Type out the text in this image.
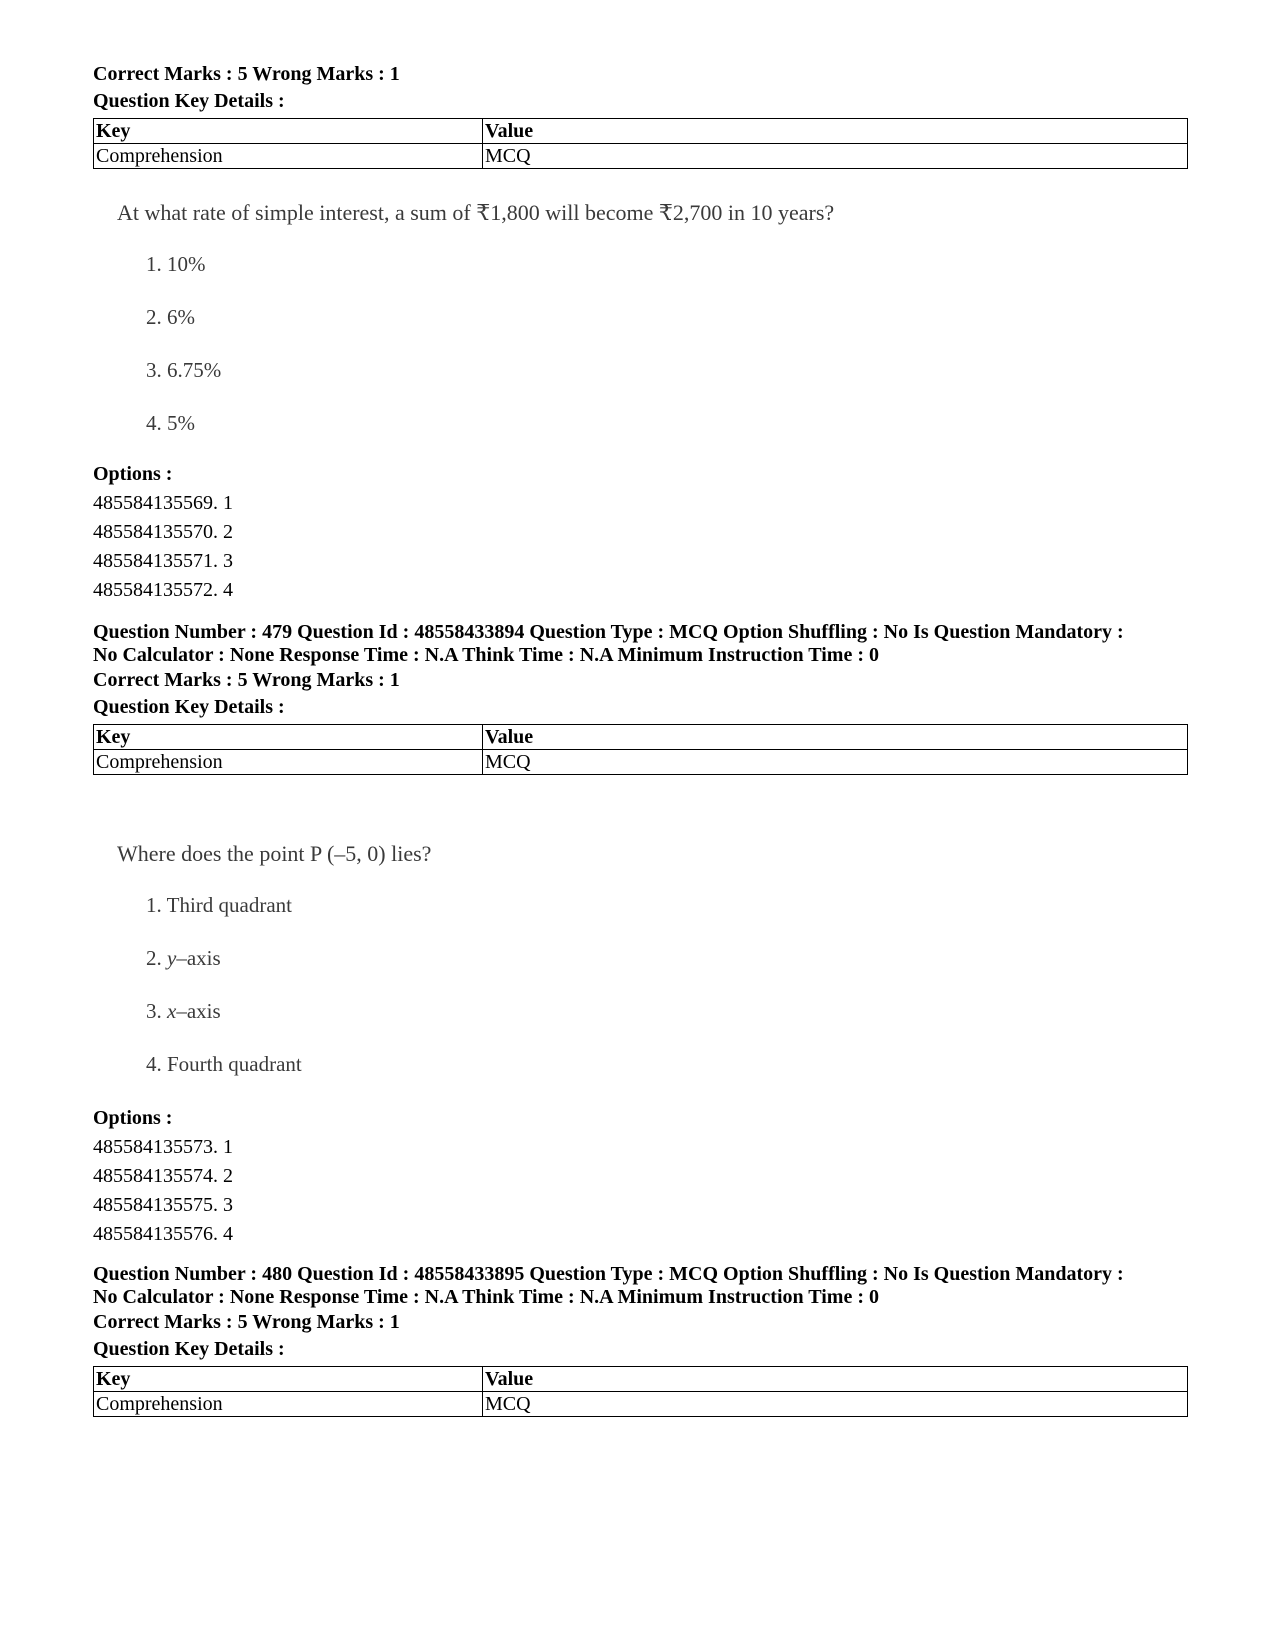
Correct Marks : 5 Wrong Marks : 1
Question Key Details :
Key	Value
Comprehension	MCQ
At what rate of simple interest, a sum of ₹1,800 will become ₹2,700 in 10 years?
1. 10%
2. 6%
3. 6.75%
4. 5%
Options :
485584135569. 1
485584135570. 2
485584135571. 3
485584135572. 4
Question Number : 479 Question Id : 48558433894 Question Type : MCQ Option Shuffling : No Is Question Mandatory :
No Calculator : None Response Time : N.A Think Time : N.A Minimum Instruction Time : 0
Correct Marks : 5 Wrong Marks : 1
Question Key Details :
Key	Value
Comprehension	MCQ
Where does the point P (–5, 0) lies?
1. Third quadrant
2. y–axis
3. x–axis
4. Fourth quadrant
Options :
485584135573. 1
485584135574. 2
485584135575. 3
485584135576. 4
Question Number : 480 Question Id : 48558433895 Question Type : MCQ Option Shuffling : No Is Question Mandatory :
No Calculator : None Response Time : N.A Think Time : N.A Minimum Instruction Time : 0
Correct Marks : 5 Wrong Marks : 1
Question Key Details :
Key	Value
Comprehension	MCQ
